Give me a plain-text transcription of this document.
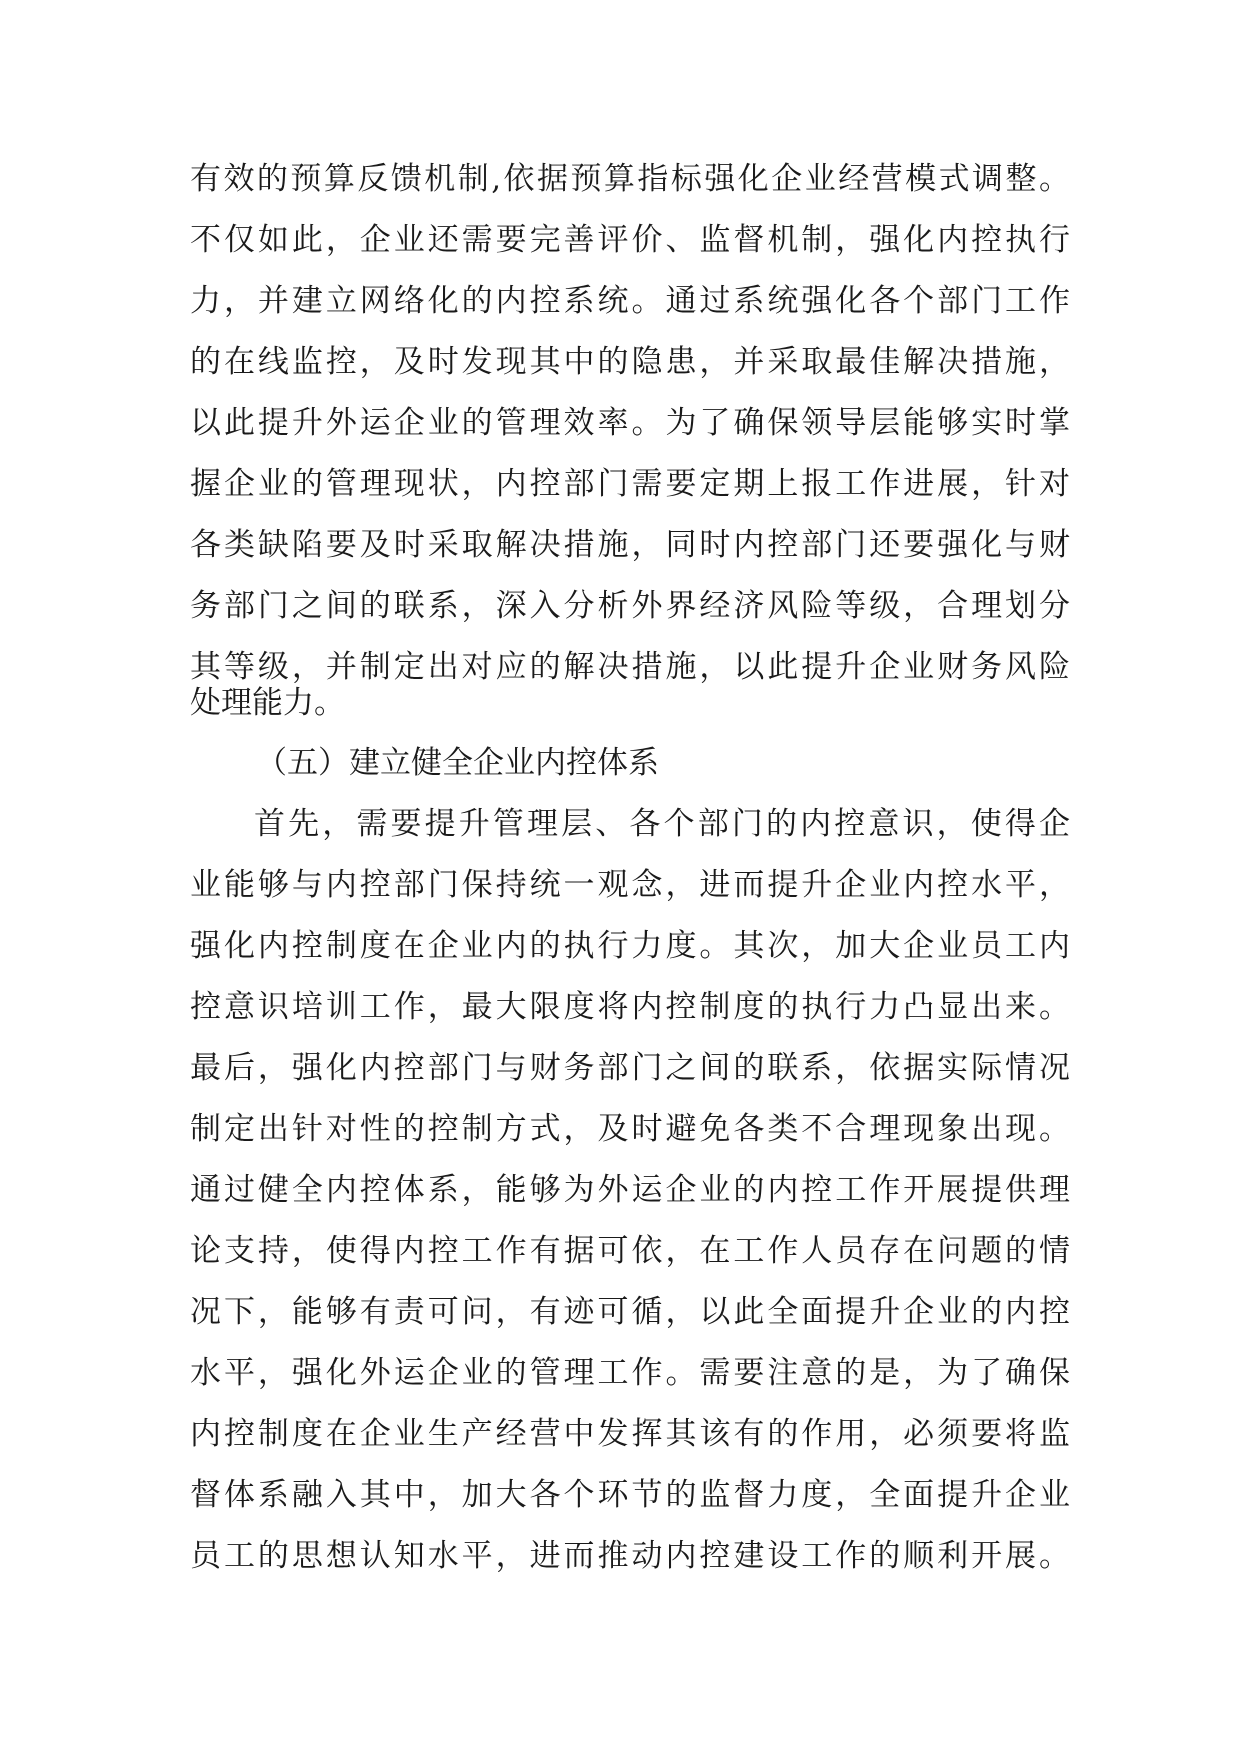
有效的预算反馈机制,依据预算指标强化企业经营模式调整。
不仅如此，企业还需要完善评价、监督机制，强化内控执行
力，并建立网络化的内控系统。通过系统强化各个部门工作
的在线监控，及时发现其中的隐患，并采取最佳解决措施，
以此提升外运企业的管理效率。为了确保领导层能够实时掌
握企业的管理现状，内控部门需要定期上报工作进展，针对
各类缺陷要及时采取解决措施，同时内控部门还要强化与财
务部门之间的联系，深入分析外界经济风险等级，合理划分
其等级，并制定出对应的解决措施，以此提升企业财务风险
处理能力。
（五）建立健全企业内控体系
首先，需要提升管理层、各个部门的内控意识，使得企
业能够与内控部门保持统一观念，进而提升企业内控水平，
强化内控制度在企业内的执行力度。其次，加大企业员工内
控意识培训工作，最大限度将内控制度的执行力凸显出来。
最后，强化内控部门与财务部门之间的联系，依据实际情况
制定出针对性的控制方式，及时避免各类不合理现象出现。
通过健全内控体系，能够为外运企业的内控工作开展提供理
论支持，使得内控工作有据可依，在工作人员存在问题的情
况下，能够有责可问，有迹可循，以此全面提升企业的内控
水平，强化外运企业的管理工作。需要注意的是，为了确保
内控制度在企业生产经营中发挥其该有的作用，必须要将监
督体系融入其中，加大各个环节的监督力度，全面提升企业
员工的思想认知水平，进而推动内控建设工作的顺利开展。
